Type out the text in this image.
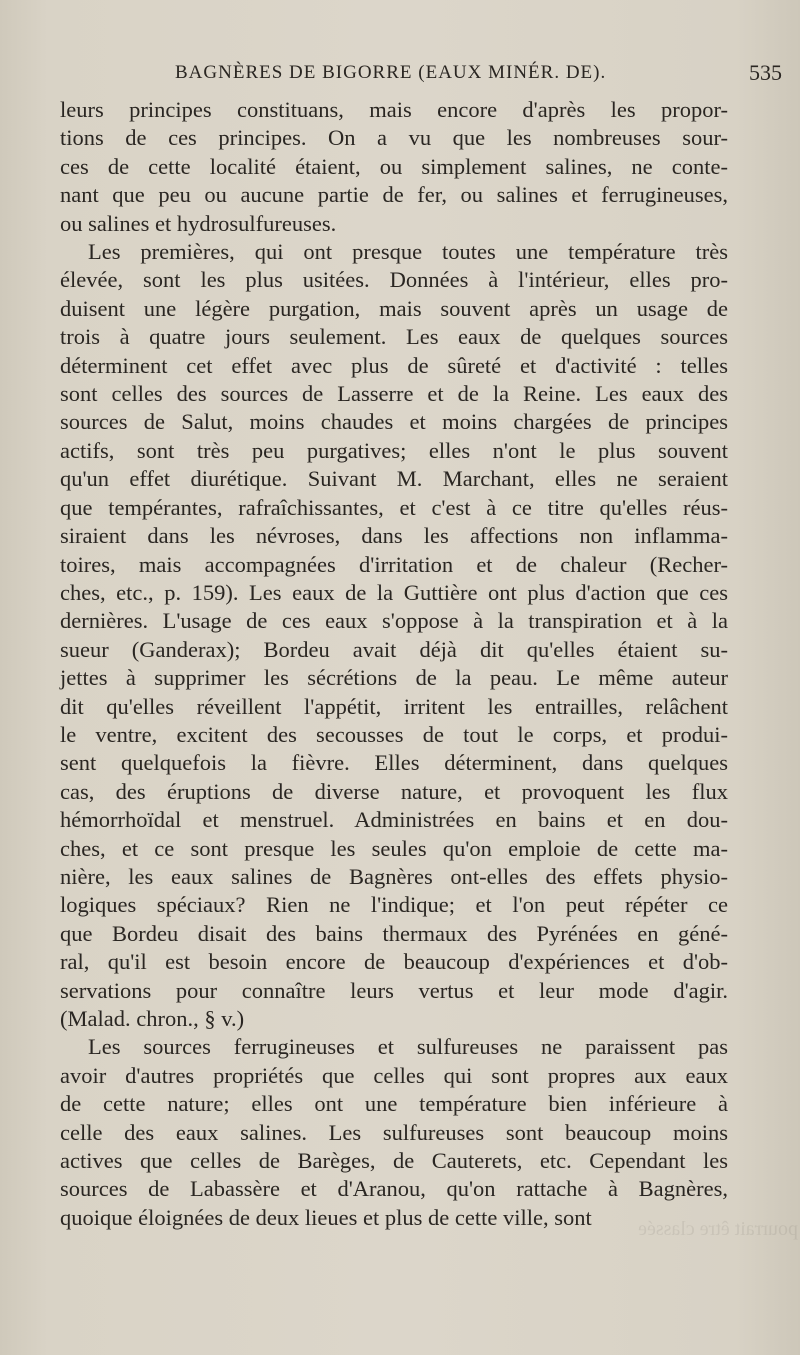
BAGNÈRES DE BIGORRE (EAUX MINÉR. DE).	535
leurs principes constituans, mais encore d'après les propor-
tions de ces principes. On a vu que les nombreuses sour-
ces de cette localité étaient, ou simplement salines, ne conte-
nant que peu ou aucune partie de fer, ou salines et ferrugineuses,
ou salines et hydrosulfureuses.
Les premières, qui ont presque toutes une température très
élevée, sont les plus usitées. Données à l'intérieur, elles pro-
duisent une légère purgation, mais souvent après un usage de
trois à quatre jours seulement. Les eaux de quelques sources
déterminent cet effet avec plus de sûreté et d'activité : telles
sont celles des sources de Lasserre et de la Reine. Les eaux des
sources de Salut, moins chaudes et moins chargées de principes
actifs, sont très peu purgatives; elles n'ont le plus souvent
qu'un effet diurétique. Suivant M. Marchant, elles ne seraient
que tempérantes, rafraîchissantes, et c'est à ce titre qu'elles réus-
siraient dans les névroses, dans les affections non inflamma-
toires, mais accompagnées d'irritation et de chaleur (Recher-
ches, etc., p. 159). Les eaux de la Guttière ont plus d'action que ces
dernières. L'usage de ces eaux s'oppose à la transpiration et à la
sueur (Ganderax); Bordeu avait déjà dit qu'elles étaient su-
jettes à supprimer les sécrétions de la peau. Le même auteur
dit qu'elles réveillent l'appétit, irritent les entrailles, relâchent
le ventre, excitent des secousses de tout le corps, et produi-
sent quelquefois la fièvre. Elles déterminent, dans quelques
cas, des éruptions de diverse nature, et provoquent les flux
hémorrhoïdal et menstruel. Administrées en bains et en dou-
ches, et ce sont presque les seules qu'on emploie de cette ma-
nière, les eaux salines de Bagnères ont-elles des effets physio-
logiques spéciaux? Rien ne l'indique; et l'on peut répéter ce
que Bordeu disait des bains thermaux des Pyrénées en géné-
ral, qu'il est besoin encore de beaucoup d'expériences et d'ob-
servations pour connaître leurs vertus et leur mode d'agir.
(Malad. chron., § v.)
Les sources ferrugineuses et sulfureuses ne paraissent pas
avoir d'autres propriétés que celles qui sont propres aux eaux
de cette nature; elles ont une température bien inférieure à
celle des eaux salines. Les sulfureuses sont beaucoup moins
actives que celles de Barèges, de Cauterets, etc. Cependant les
sources de Labassère et d'Aranou, qu'on rattache à Bagnères,
quoique éloignées de deux lieues et plus de cette ville, sont	pourrait être classée
